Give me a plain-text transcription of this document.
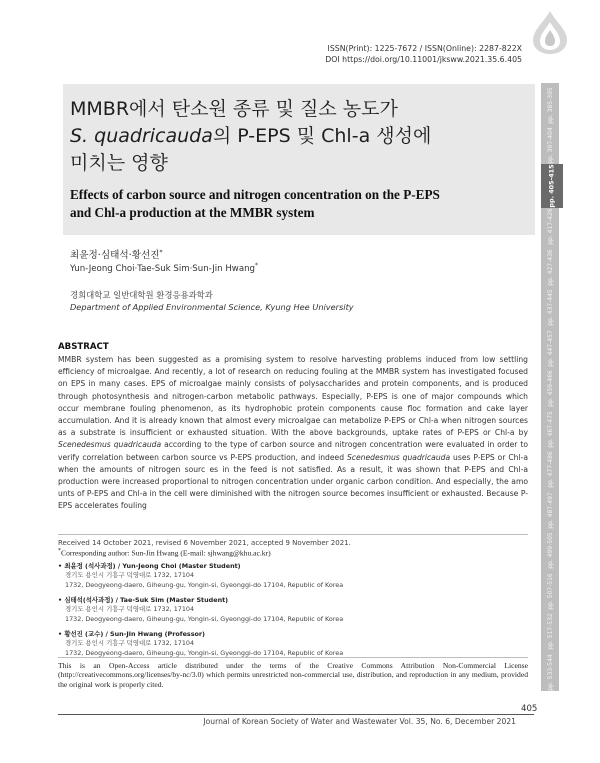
ISSN(Print): 1225-7672 / ISSN(Online): 2287-822X
DOI https://doi.org/10.11001/jksww.2021.35.6.405
MMBR에서 탄소원 종류 및 질소 농도가
S. quadricauda의 P-EPS 및 Chl-a 생성에
미치는 영향
Effects of carbon source and nitrogen concentration on the P-EPS
and Chl-a production at the MMBR system
최윤정·심태석·황선진*
Yun-Jeong Choi·Tae-Suk Sim·Sun-Jin Hwang*
경희대학교 일반대학원 환경응용과학과
Department of Applied Environmental Science, Kyung Hee University
ABSTRACT
MMBR system has been suggested as a promising system to resolve harvesting problems induced from low settling efficiency of microalgae. And recently, a lot of research on reducing fouling at the MMBR system has investigated focused on EPS in many cases. EPS of microalgae mainly consists of polysaccharides and protein components, and is produced through photosynthesis and nitrogen-carbon metabolic pathways. Especially, P-EPS is one of major compounds which occur membrane fouling phenomenon, as its hydrophobic protein components cause floc formation and cake layer accumulation. And it is already known that almost every microalgae can metabolize P-EPS or Chl-a when nitrogen sources as a substrate is insufficient or exhausted situation. With the above backgrounds, uptake rates of P-EPS or Chl-a by Scenedesmus quadricauda according to the type of carbon source and nitrogen concentration were evaluated in order to verify correlation between carbon source vs P-EPS production, and indeed Scenedesmus quadricauda uses P-EPS or Chl-a when the amounts of nitrogen sourc es in the feed is not satisfied. As a result, it was shown that P-EPS and Chl-a production were increased proportional to nitrogen concentration under organic carbon condition. And especially, the amo unts of P-EPS and Chl-a in the cell were diminished with the nitrogen source becomes insufficient or exhausted. Because P-EPS accelerates fouling
Received 14 October 2021, revised 6 November 2021, accepted 9 November 2021.
*Corresponding author: Sun-Jin Hwang (E-mail: sjhwang@khu.ac.kr)
• 최윤정 (석사과정) / Yun-Jeong Choi (Master Student)
경기도 용인시 기흥구 덕영대로 1732, 17104
1732, Deogyeong-daero, Giheung-gu, Yongin-si, Gyeonggi-do 17104, Republic of Korea
• 심태석(석사과정) / Tae-Suk Sim (Master Student)
경기도 용인시 기흥구 덕영대로 1732, 17104
1732, Deogyeong-daero, Giheung-gu, Yongin-si, Gyeonggi-do 17104, Republic of Korea
• 황선진 (교수) / Sun-Jin Hwang (Professor)
경기도 용인시 기흥구 덕영대로 1732, 17104
1732, Deogyeong-daero, Giheung-gu, Yongin-si, Gyeonggi-do 17104, Republic of Korea
This is an Open-Access article distributed under the terms of the Creative Commons Attribution Non-Commercial License (http://creativecommons.org/licenses/by-nc/3.0) which permits unrestricted non-commercial use, distribution, and reproduction in any medium, provided the original work is properly cited.
405
Journal of Korean Society of Water and Wastewater Vol. 35, No. 6, December 2021
pp. 385-395
pp. 397-404
pp. 405-415
pp. 417-426
pp. 427-436
pp. 437-445
pp. 447-457
pp. 459-466
pp. 467-475
pp. 477-486
pp. 487-497
pp. 499-505
pp. 507-516
pp. 517-532
pp. 533-544
